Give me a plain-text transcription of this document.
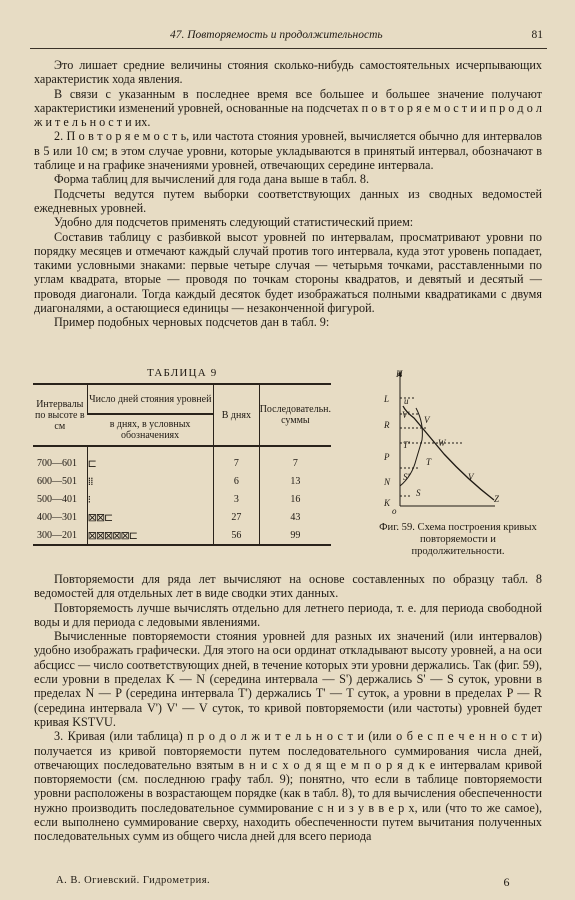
47. Повторяемость и продолжительность	81

Это лишает средние величины стояния сколько-нибудь самостоятельных исчерпывающих характеристик хода явления.

В связи с указанным в последнее время все большее и большее значение получают характеристики изменений уровней, основанные на подсчетах п о в т о р я е м о с т и и п р о д о л ж и т е л ь н о с т и их.

2. П о в т о р я е м о с т ь, или частота стояния уровней, вычисляется обычно для интервалов в 5 или 10 см; в этом случае уровни, которые укладываются в принятый интервал, обозначают в таблице и на графике значениями уровней, отвечающих середине интервала.

Форма таблиц для вычислений для года дана выше в табл. 8.

Подсчеты ведутся путем выборки соответствующих данных из сводных ведомостей ежедневных уровней.

Удобно для подсчетов применять следующий статистический прием:

Составив таблицу с разбивкой высот уровней по интервалам, просматривают уровни по порядку месяцев и отмечают каждый случай против того интервала, куда этот уровень попадает, такими условными знаками: первые четыре случая — четырьмя точками, расставленными по углам квадрата, вторые — проводя по точкам стороны квадратов, и девятый и десятый — проводя диагонали. Тогда каждый десяток будет изображаться полными квадратиками с двумя диагоналями, а остающиеся единицы — незаконченной фигурой.

Пример подобных черновых подсчетов дан в табл. 9:

ТАБЛИЦА 9
Интервалы по высоте в см	Число дней стояния уровней	В днях	Последовательн. суммы
	в днях, в условных обозначениях		
700—601	⊏	7	7
600—501	⁞⁞	6	13
500—401	⁝	3	16
400—301	⊠⊠⊏	27	43
300—201	⊠⊠⊠⊠⊠⊏	56	99
H
L
R
P
N
K
u
V'
T'
S'
V
W
T
S
V
Z
o
Фиг. 59. Схема построения кривых повторяемости и продолжительности.

Повторяемости для ряда лет вычисляют на основе составленных по образцу табл. 8 ведомостей для отдельных лет в виде сводки этих данных.

Повторяемость лучше вычислять отдельно для летнего периода, т. е. для периода свободной воды и для периода с ледовыми явлениями.

Вычисленные повторяемости стояния уровней для разных их значений (или интервалов) удобно изображать графически. Для этого на оси ординат откладывают высоту уровней, а на оси абсцисс — число соответствующих дней, в течение которых эти уровни держались. Так (фиг. 59), если уровни в пределах K — N (середина интервала — S') держались S' — S суток, уровни в пределах N — P (середина интервала T') держались T' — T суток, а уровни в пределах P — R (середина интервала V') V' — V суток, то кривой повторяемости (или частоты) уровней будет кривая KSTVU.

3. Кривая (или таблица) п р о д о л ж и т е л ь н о с т и (или о б е с п е ч е н н о с т и) получается из кривой повторяемости путем последовательного суммирования числа дней, отвечающих последовательно взятым в н и с х о д я щ е м п о р я д к е интервалам кривой повторяемости (см. последнюю графу табл. 9); понятно, что если в таблице повторяемости уровни расположены в возрастающем порядке (как в табл. 8), то для вычисления обеспеченности нужно производить последовательное суммирование с н и з у в в е р х, или (что то же самое), если выполнено суммирование сверху, находить обеспеченности путем вычитания полученных последовательных сумм из общего числа дней для всего периода

А. В. Огиевский. Гидрометрия.	6
